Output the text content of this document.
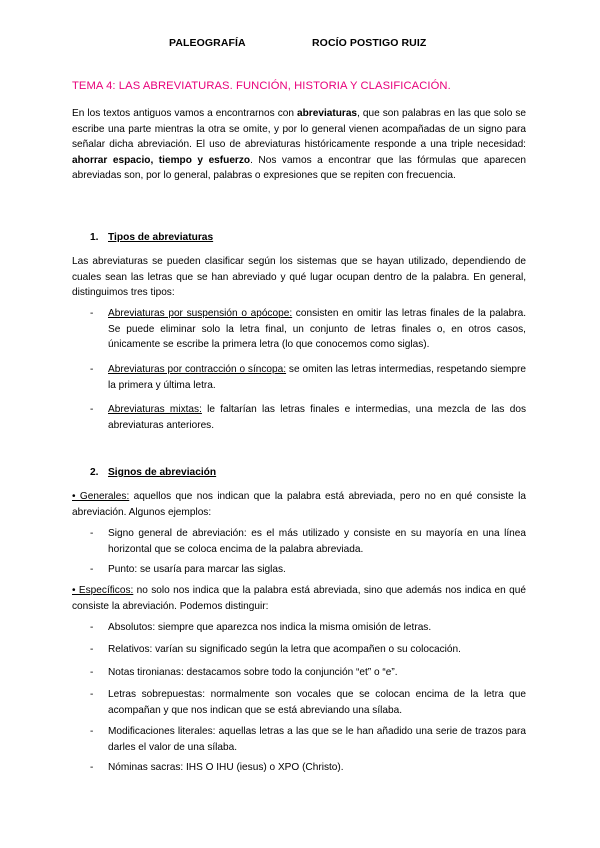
PALEOGRAFÍA	ROCÍO POSTIGO RUIZ
TEMA 4: LAS ABREVIATURAS. FUNCIÓN, HISTORIA Y CLASIFICACIÓN.
En los textos antiguos vamos a encontrarnos con abreviaturas, que son palabras en las que solo se escribe una parte mientras la otra se omite, y por lo general vienen acompañadas de un signo para señalar dicha abreviación. El uso de abreviaturas históricamente responde a una triple necesidad: ahorrar espacio, tiempo y esfuerzo. Nos vamos a encontrar que las fórmulas que aparecen abreviadas son, por lo general, palabras o expresiones que se repiten con frecuencia.
1. Tipos de abreviaturas
Las abreviaturas se pueden clasificar según los sistemas que se hayan utilizado, dependiendo de cuales sean las letras que se han abreviado y qué lugar ocupan dentro de la palabra. En general, distinguimos tres tipos:
- Abreviaturas por suspensión o apócope: consisten en omitir las letras finales de la palabra. Se puede eliminar solo la letra final, un conjunto de letras finales o, en otros casos, únicamente se escribe la primera letra (lo que conocemos como siglas).
- Abreviaturas por contracción o síncopa: se omiten las letras intermedias, respetando siempre la primera y última letra.
- Abreviaturas mixtas: le faltarían las letras finales e intermedias, una mezcla de las dos abreviaturas anteriores.
2. Signos de abreviación
• Generales: aquellos que nos indican que la palabra está abreviada, pero no en qué consiste la abreviación. Algunos ejemplos:
- Signo general de abreviación: es el más utilizado y consiste en su mayoría en una línea horizontal que se coloca encima de la palabra abreviada.
- Punto: se usaría para marcar las siglas.
• Específicos: no solo nos indica que la palabra está abreviada, sino que además nos indica en qué consiste la abreviación. Podemos distinguir:
- Absolutos: siempre que aparezca nos indica la misma omisión de letras.
- Relativos: varían su significado según la letra que acompañen o su colocación.
- Notas tironianas: destacamos sobre todo la conjunción “et” o “e”.
- Letras sobrepuestas: normalmente son vocales que se colocan encima de la letra que acompañan y que nos indican que se está abreviando una sílaba.
- Modificaciones literales: aquellas letras a las que se le han añadido una serie de trazos para darles el valor de una sílaba.
- Nóminas sacras: IHS O IHU (iesus) o XPO (Christo).
